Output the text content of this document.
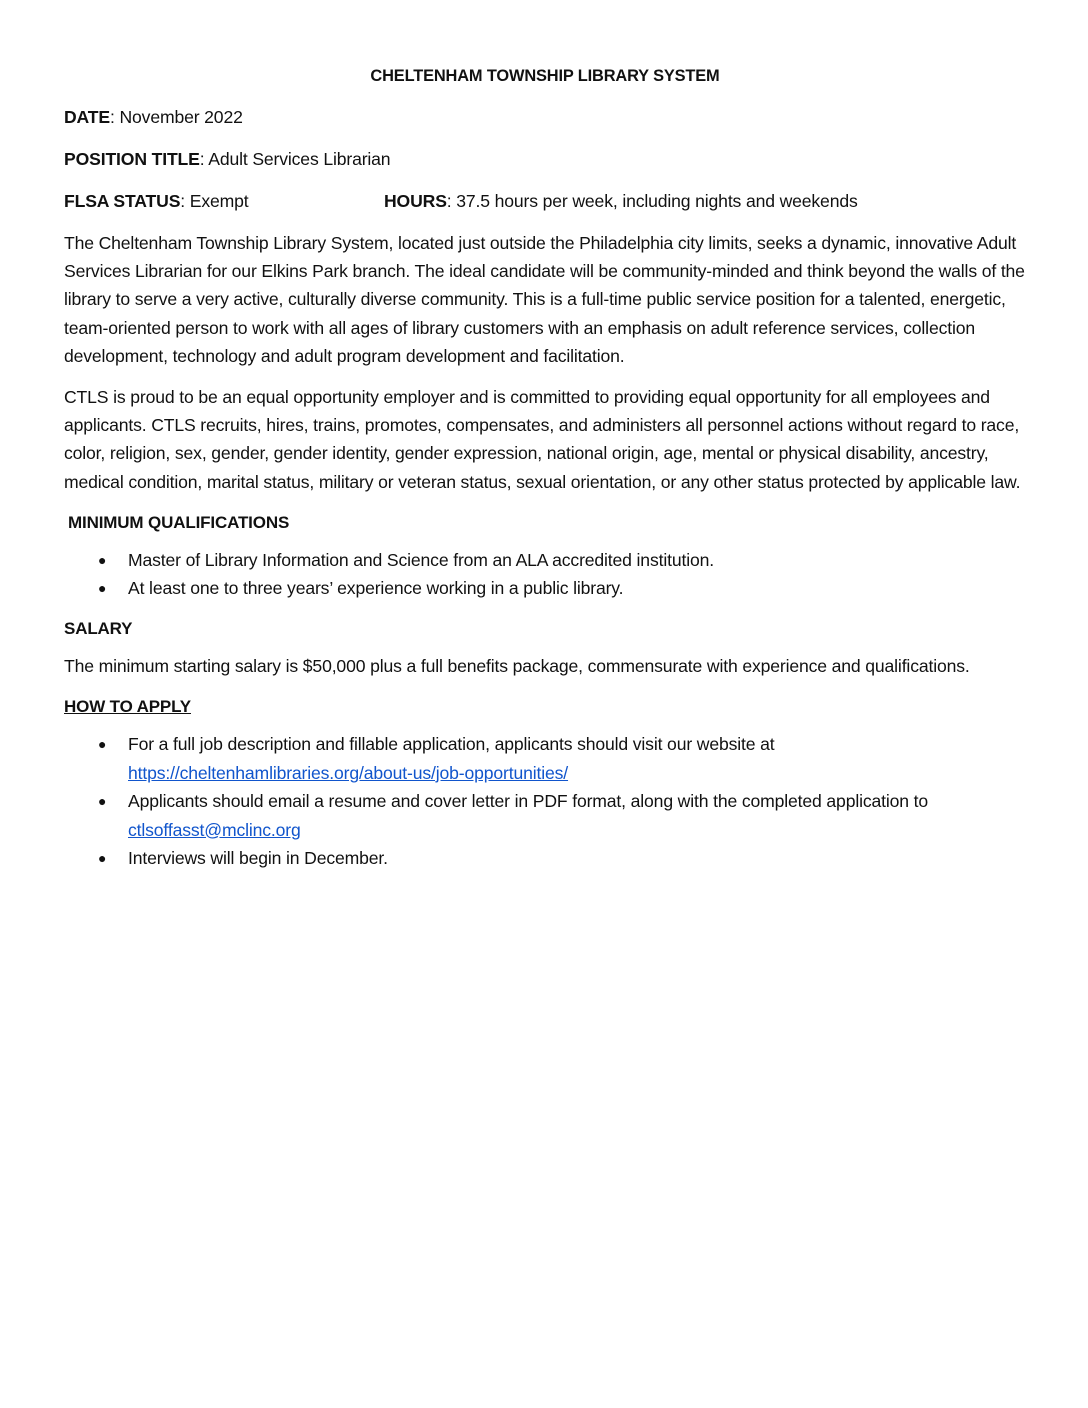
CHELTENHAM TOWNSHIP LIBRARY SYSTEM
DATE: November 2022
POSITION TITLE: Adult Services Librarian
FLSA STATUS: Exempt	HOURS: 37.5 hours per week, including nights and weekends

The Cheltenham Township Library System, located just outside the Philadelphia city limits, seeks a dynamic, innovative Adult Services Librarian for our Elkins Park branch. The ideal candidate will be community-minded and think beyond the walls of the library to serve a very active, culturally diverse community. This is a full-time public service position for a talented, energetic, team-oriented person to work with all ages of library customers with an emphasis on adult reference services, collection development, technology and adult program development and facilitation.

CTLS is proud to be an equal opportunity employer and is committed to providing equal opportunity for all employees and applicants. CTLS recruits, hires, trains, promotes, compensates, and administers all personnel actions without regard to race, color, religion, sex, gender, gender identity, gender expression, national origin, age, mental or physical disability, ancestry, medical condition, marital status, military or veteran status, sexual orientation, or any other status protected by applicable law.

MINIMUM QUALIFICATIONS
● Master of Library Information and Science from an ALA accredited institution.
● At least one to three years’ experience working in a public library.
SALARY

The minimum starting salary is $50,000 plus a full benefits package, commensurate with experience and qualifications.

HOW TO APPLY
● For a full job description and fillable application, applicants should visit our website at
https://cheltenhamlibraries.org/about-us/job-opportunities/
● Applicants should email a resume and cover letter in PDF format, along with the completed application to ctlsoffasst@mclinc.org
● Interviews will begin in December.
